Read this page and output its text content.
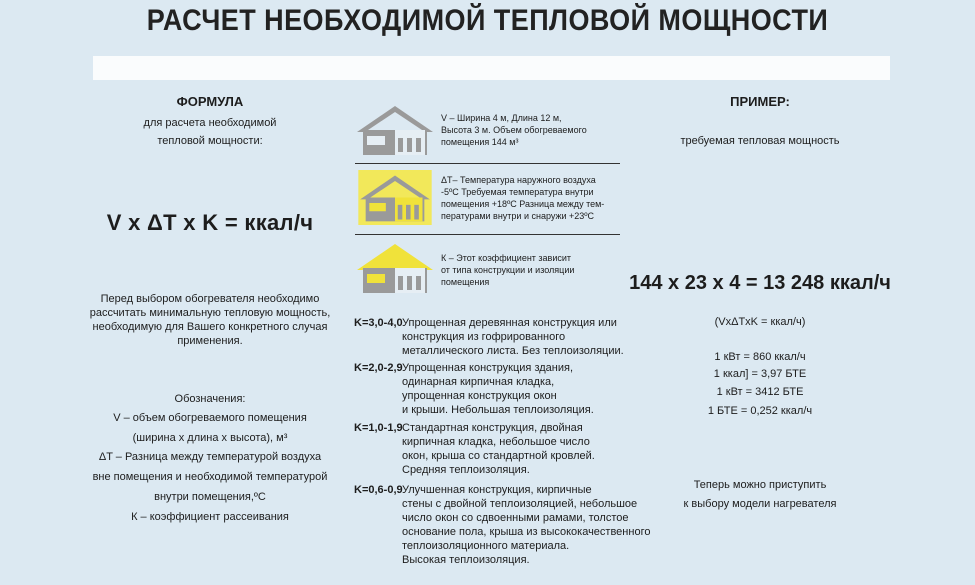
РАСЧЕТ НЕОБХОДИМОЙ ТЕПЛОВОЙ МОЩНОСТИ
ФОРМУЛА
для расчета необходимой
тепловой мощности:
V x ΔT x K = ккал/ч
Перед выбором обогревателя необходимо
рассчитать минимальную тепловую мощность,
необходимую для Вашего конкретного случая
применения.
Обозначения:
V – объем обогреваемого помещения
(ширина х длина х высота), м³
ΔT – Разница между температурой воздуха
вне помещения и необходимой температурой
внутри помещения,ºС
К – коэффициент рассеивания
V – Ширина 4 м, Длина 12 м,
Высота 3 м. Объем обогреваемого
помещения 144 м³
ΔT– Температура наружного воздуха
-5ºС Требуемая температура внутри
помещения +18ºС Разница между тем-
пературами внутри и снаружи +23ºС
К – Этот коэффициент зависит
от типа конструкции и изоляции
помещения
K=3,0-4,0 Упрощенная деревянная конструкция или
конструкция из гофрированного
металлического листа. Без теплоизоляции.
K=2,0-2,9 Упрощенная конструкция здания,
одинарная кирпичная кладка,
упрощенная конструкция окон
и крыши. Небольшая теплоизоляция.
K=1,0-1,9 Стандартная конструкция, двойная
кирпичная кладка, небольшое число
окон, крыша со стандартной кровлей.
Средняя теплоизоляция.
K=0,6-0,9 Улучшенная конструкция, кирпичные
стены с двойной теплоизоляцией, небольшое
число окон со сдвоенными рамами, толстое
основание пола, крыша из высококачественного
теплоизоляционного материала.
Высокая теплоизоляция.
ПРИМЕР:
требуемая тепловая мощность
144 x 23 x 4 = 13 248 ккал/ч
(VxΔTxK = ккал/ч)
1 кВт = 860 ккал/ч
1 ккал] = 3,97 БТЕ
1 кВт = 3412 БТЕ
1 БТЕ = 0,252 ккал/ч
Теперь можно приступить
к выбору модели нагревателя
